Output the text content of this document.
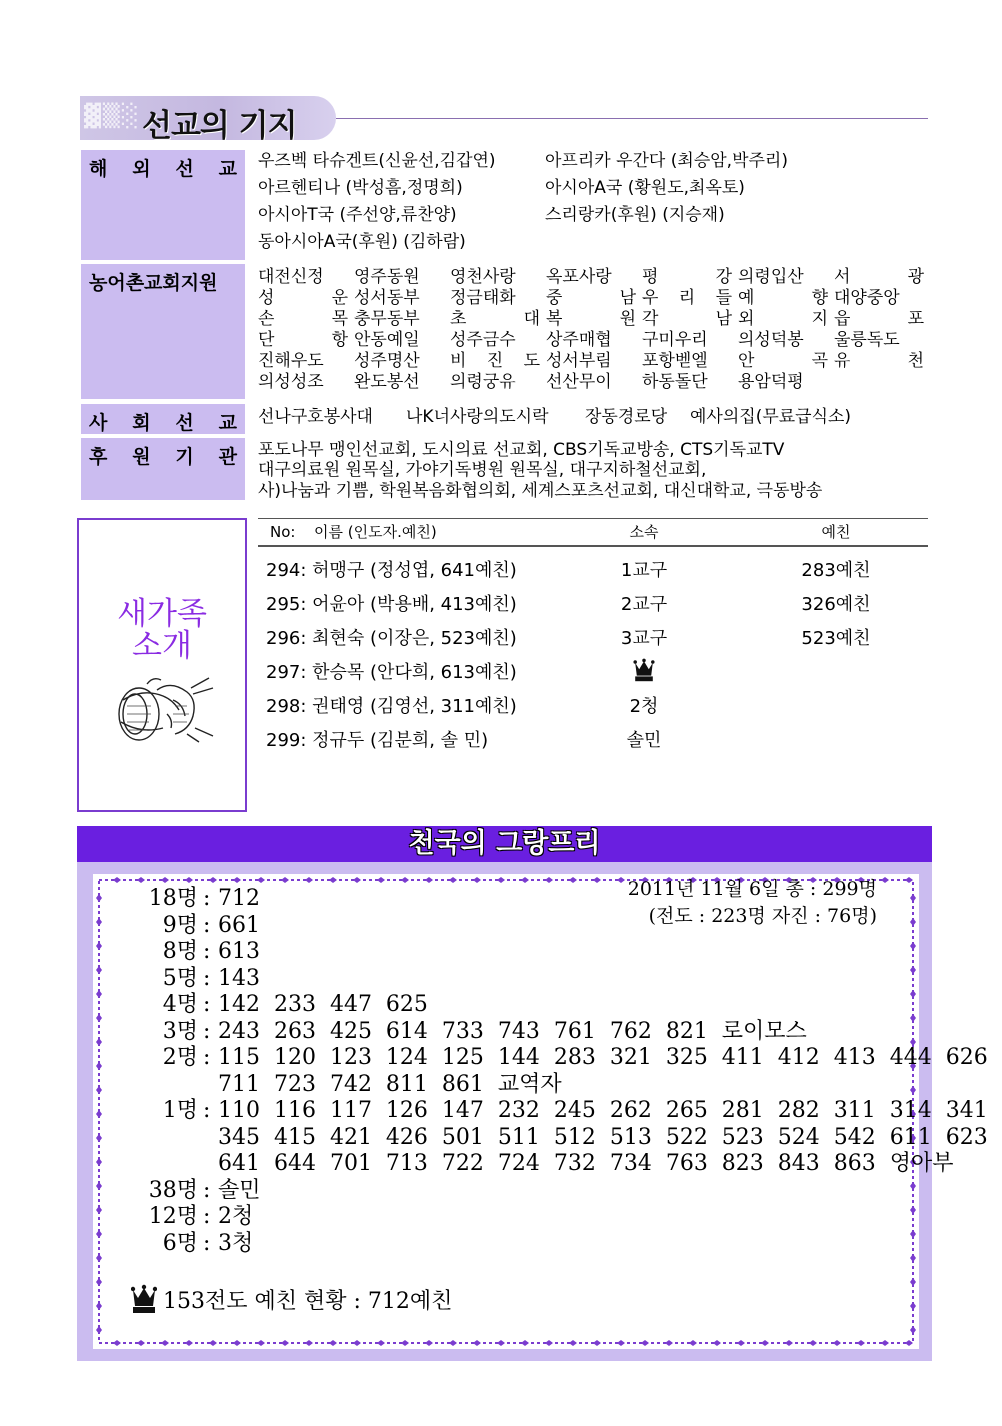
▓▒░ 선교의 기지
해 외 선 교 우즈벡 타슈겐트(신윤선,김갑연)	아프리카 우간다 (최승암,박주리)
아르헨티나 (박성흠,정명희)	아시아A국 (황원도,최옥토)
아시아T국 (주선양,류찬양)	스리랑카(후원) (지승재)
동아시아A국(후원) (김하람)
농어촌교회지원	대전신정	영주동원	영천사랑	옥포사랑	평	강 의령입산	서	광
성	운 성서동부	정금태화	중	남 우 리 들 예	향 대양중앙
손	목 충무동부	초	대 복	원 각	남 외	지 읍	포
단	항 안동예일	성주금수	상주매협	구미우리	의성덕봉	울릉독도
진해우도	성주명산	비 진 도 성서부림	포항벧엘	안	곡 유	천
의성성조	완도봉선	의령궁유	선산무이	하동돌단	용암덕평
사 회 선 교 선나구호봉사대 나K너사랑의도시락 장동경로당 예사의집(무료급식소)
후 원 기 관 포도나무 맹인선교회, 도시의료 선교회, CBS기독교방송, CTS기독교TV
대구의료원 원목실, 가야기독병원 원목실, 대구지하철선교회,
사)나눔과 기쁨, 학원복음화협의회, 세계스포츠선교회, 대신대학교, 극동방송
새가족
소개
No: 이름 (인도자.예친)	소속	예친
294: 허맹구 (정성엽, 641예친)	1교구	283예친
295: 어윤아 (박용배, 413예친)	2교구	326예친
296: 최현숙 (이장은, 523예친)	3교구	523예친
297: 한승목 (안다희, 613예친)
298: 권태영 (김영선, 311예친)	2청
299: 정규두 (김분희, 솔 민)	솔민
천국의 그랑프리
2011년 11월 6일 총 : 299명
(전도 : 223명 자진 : 76명)
18명 : 712
9명 : 661
8명 : 613
5명 : 143
4명 : 142  233  447  625
3명 : 243  263  425  614  733  743  761  762  821  로이모스
2명 : 115  120  123  124  125  144  283  321  325  411  412  413  444  626
711  723  742  811  861  교역자
1명 : 110  116  117  126  147  232  245  262  265  281  282  311  314  341
345  415  421  426  501  511  512  513  522  523  524  542  611  623
641  644  701  713  722  724  732  734  763  823  843  863  영아부
38명 : 솔민
12명 : 2청
6명 : 3청
153전도 예친 현황 : 712예친
